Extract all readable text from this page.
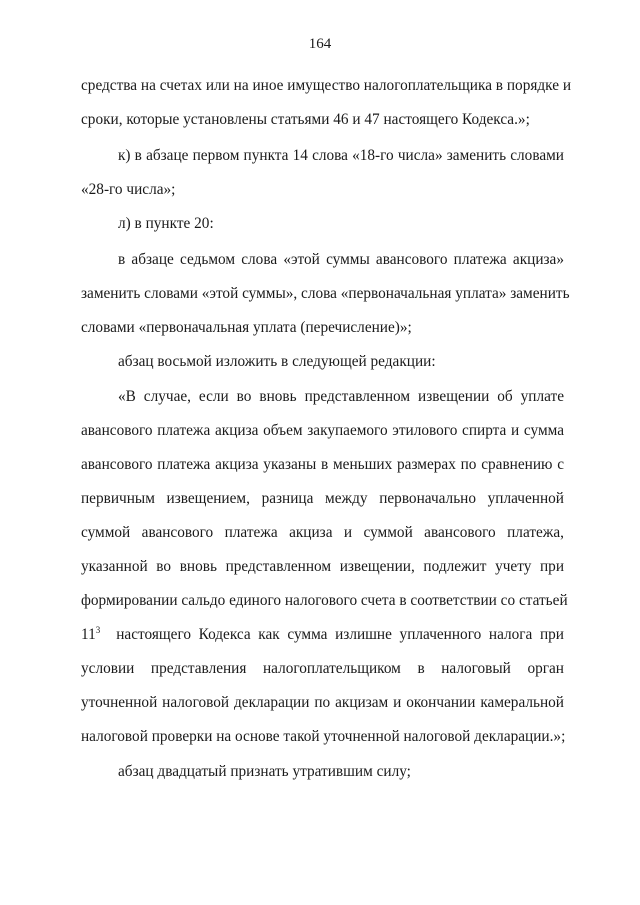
164
средства на счетах или на иное имущество налогоплательщика в порядке и
сроки, которые установлены статьями 46 и 47 настоящего Кодекса.»;
к) в абзаце первом пункта 14 слова «18-го числа» заменить словами
«28-го числа»;
л) в пункте 20:
в абзаце седьмом слова «этой суммы авансового платежа акциза»
заменить словами «этой суммы», слова «первоначальная уплата» заменить
словами «первоначальная уплата (перечисление)»;
абзац восьмой изложить в следующей редакции:
«В случае, если во вновь представленном извещении об уплате
авансового платежа акциза объем закупаемого этилового спирта и сумма
авансового платежа акциза указаны в меньших размерах по сравнению с
первичным извещением, разница между первоначально уплаченной
суммой авансового платежа акциза и суммой авансового платежа,
указанной во вновь представленном извещении, подлежит учету при
формировании сальдо единого налогового счета в соответствии со статьей
$11^3$ настоящего Кодекса как сумма излишне уплаченного налога при
условии представления налогоплательщиком в налоговый орган
уточненной налоговой декларации по акцизам и окончании камеральной
налоговой проверки на основе такой уточненной налоговой декларации.»;
абзац двадцатый признать утратившим силу;
